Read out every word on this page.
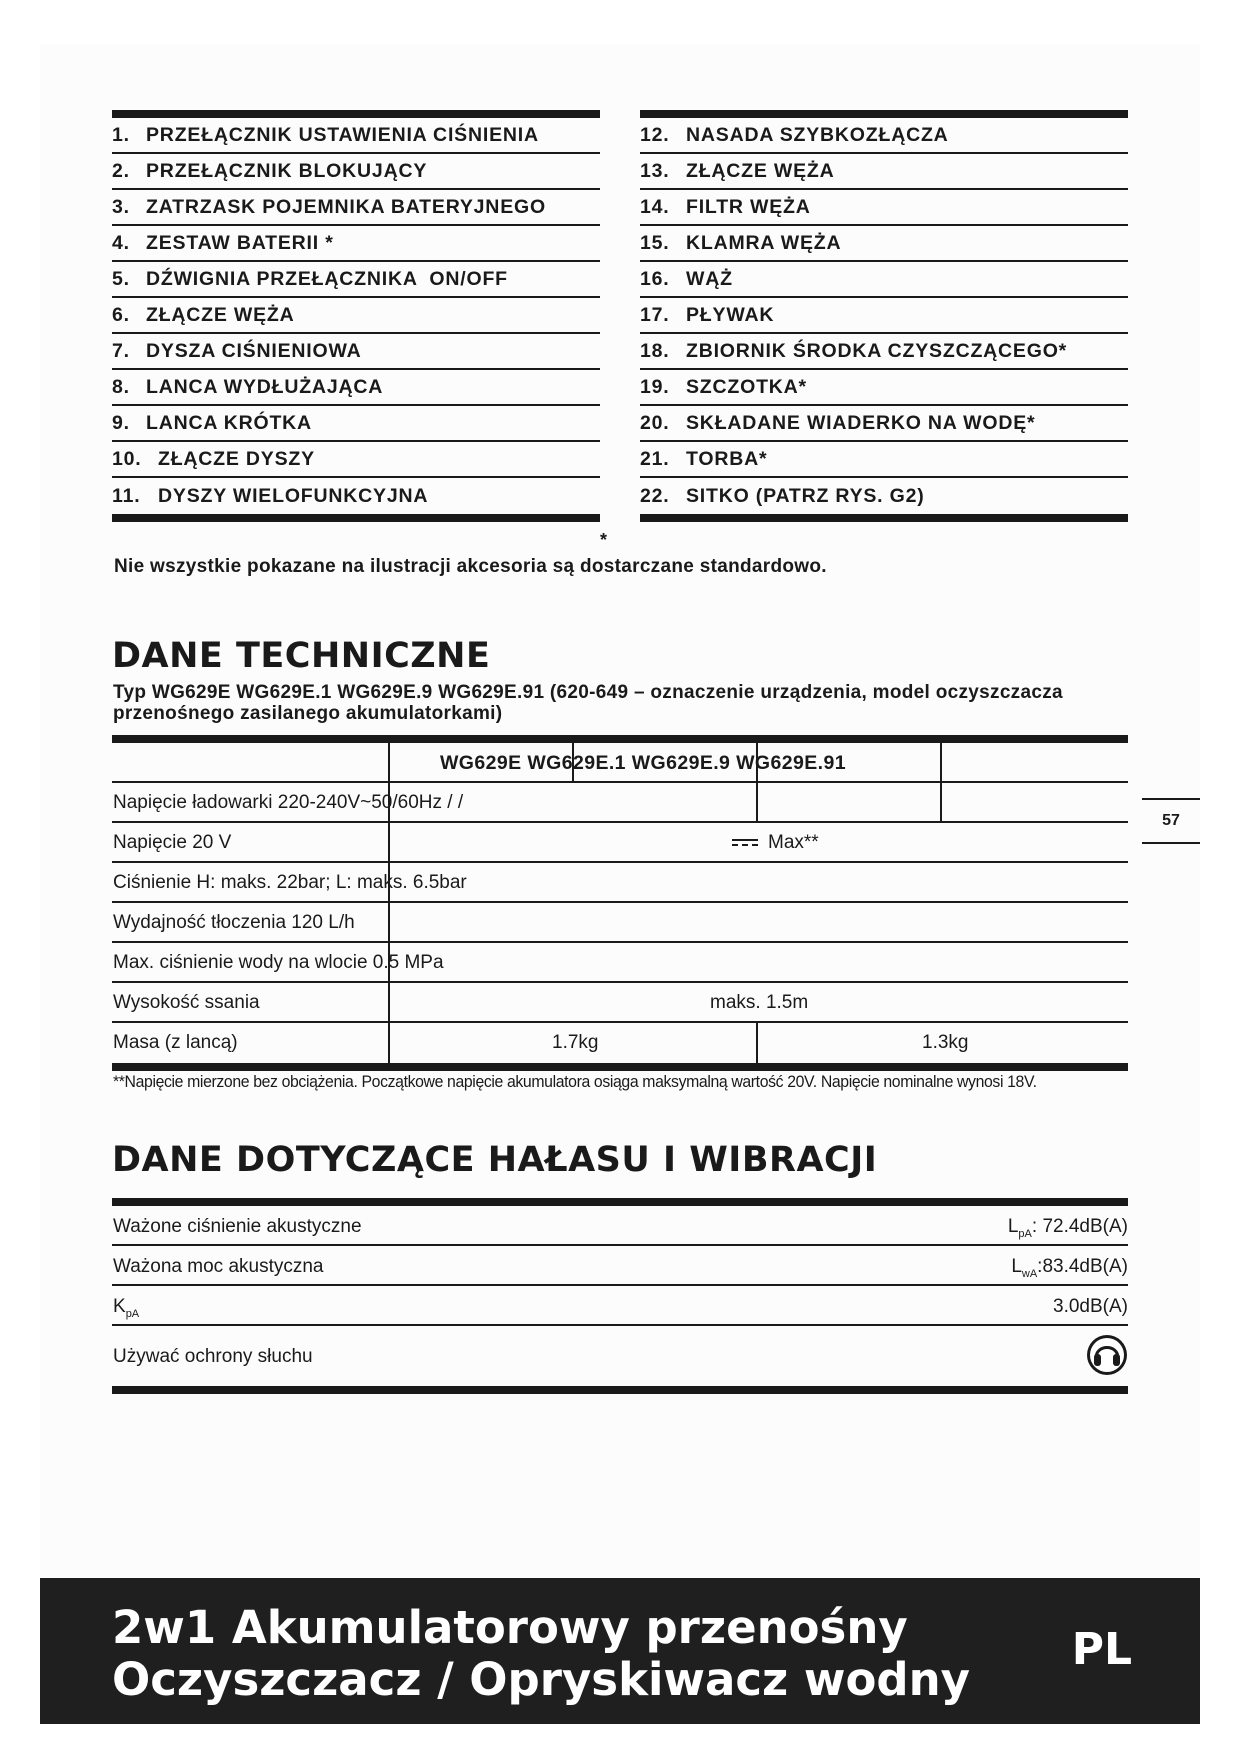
1. PRZEŁĄCZNIK USTAWIENIA CIŚNIENIA
2. PRZEŁĄCZNIK BLOKUJĄCY
3. ZATRZASK POJEMNIKA BATERYJNEGO
4. ZESTAW BATERII *
5. DŹWIGNIA PRZEŁĄCZNIKA  ON/OFF
6. ZŁĄCZE WĘŻA
7. DYSZA CIŚNIENIOWA
8. LANCA WYDŁUŻAJĄCA
9. LANCA KRÓTKA
10. ZŁĄCZE DYSZY
11. DYSZY WIELOFUNKCYJNA
12. NASADA SZYBKOZŁĄCZA
13. ZŁĄCZE WĘŻA
14. FILTR WĘŻA
15. KLAMRA WĘŻA
16. WĄŻ
17. PŁYWAK
18. ZBIORNIK ŚRODKA CZYSZCZĄCEGO*
19. SZCZOTKA*
20. SKŁADANE WIADERKO NA WODĘ*
21. TORBA*
22. SITKO (PATRZ RYS. G2)
*
Nie wszystkie pokazane na ilustracji akcesoria są dostarczane standardowo.
DANE TECHNICZNE
Typ WG629E WG629E.1 WG629E.9 WG629E.91 (620-649 – oznaczenie urządzenia, model oczyszczacza przenośnego zasilanego akumulatorkami)
WG629E WG629E.1 WG629E.9 WG629E.91
Napięcie ładowarki 220-240V~50/60Hz / /
Napięcie 20 V	Max**
Ciśnienie H: maks. 22bar; L: maks. 6.5bar
Wydajność tłoczenia 120 L/h
Max. ciśnienie wody na wlocie 0.5 MPa
Wysokość ssania	maks. 1.5m
Masa (z lancą)	1.7kg	1.3kg
**Napięcie mierzone bez obciążenia. Początkowe napięcie akumulatora osiąga maksymalną wartość 20V. Napięcie nominalne wynosi 18V.
DANE DOTYCZĄCE HAŁASU I WIBRACJI
Ważone ciśnienie akustyczne	$L_{pA}$: 72.4dB(A)
Ważona moc akustyczna	$L_{wA}:83.4dB(A)$
$K_{pA}$	3.0dB(A)
Używać ochrony słuchu
57
2w1 Akumulatorowy przenośny
Oczyszczacz / Opryskiwacz wodny
PL
